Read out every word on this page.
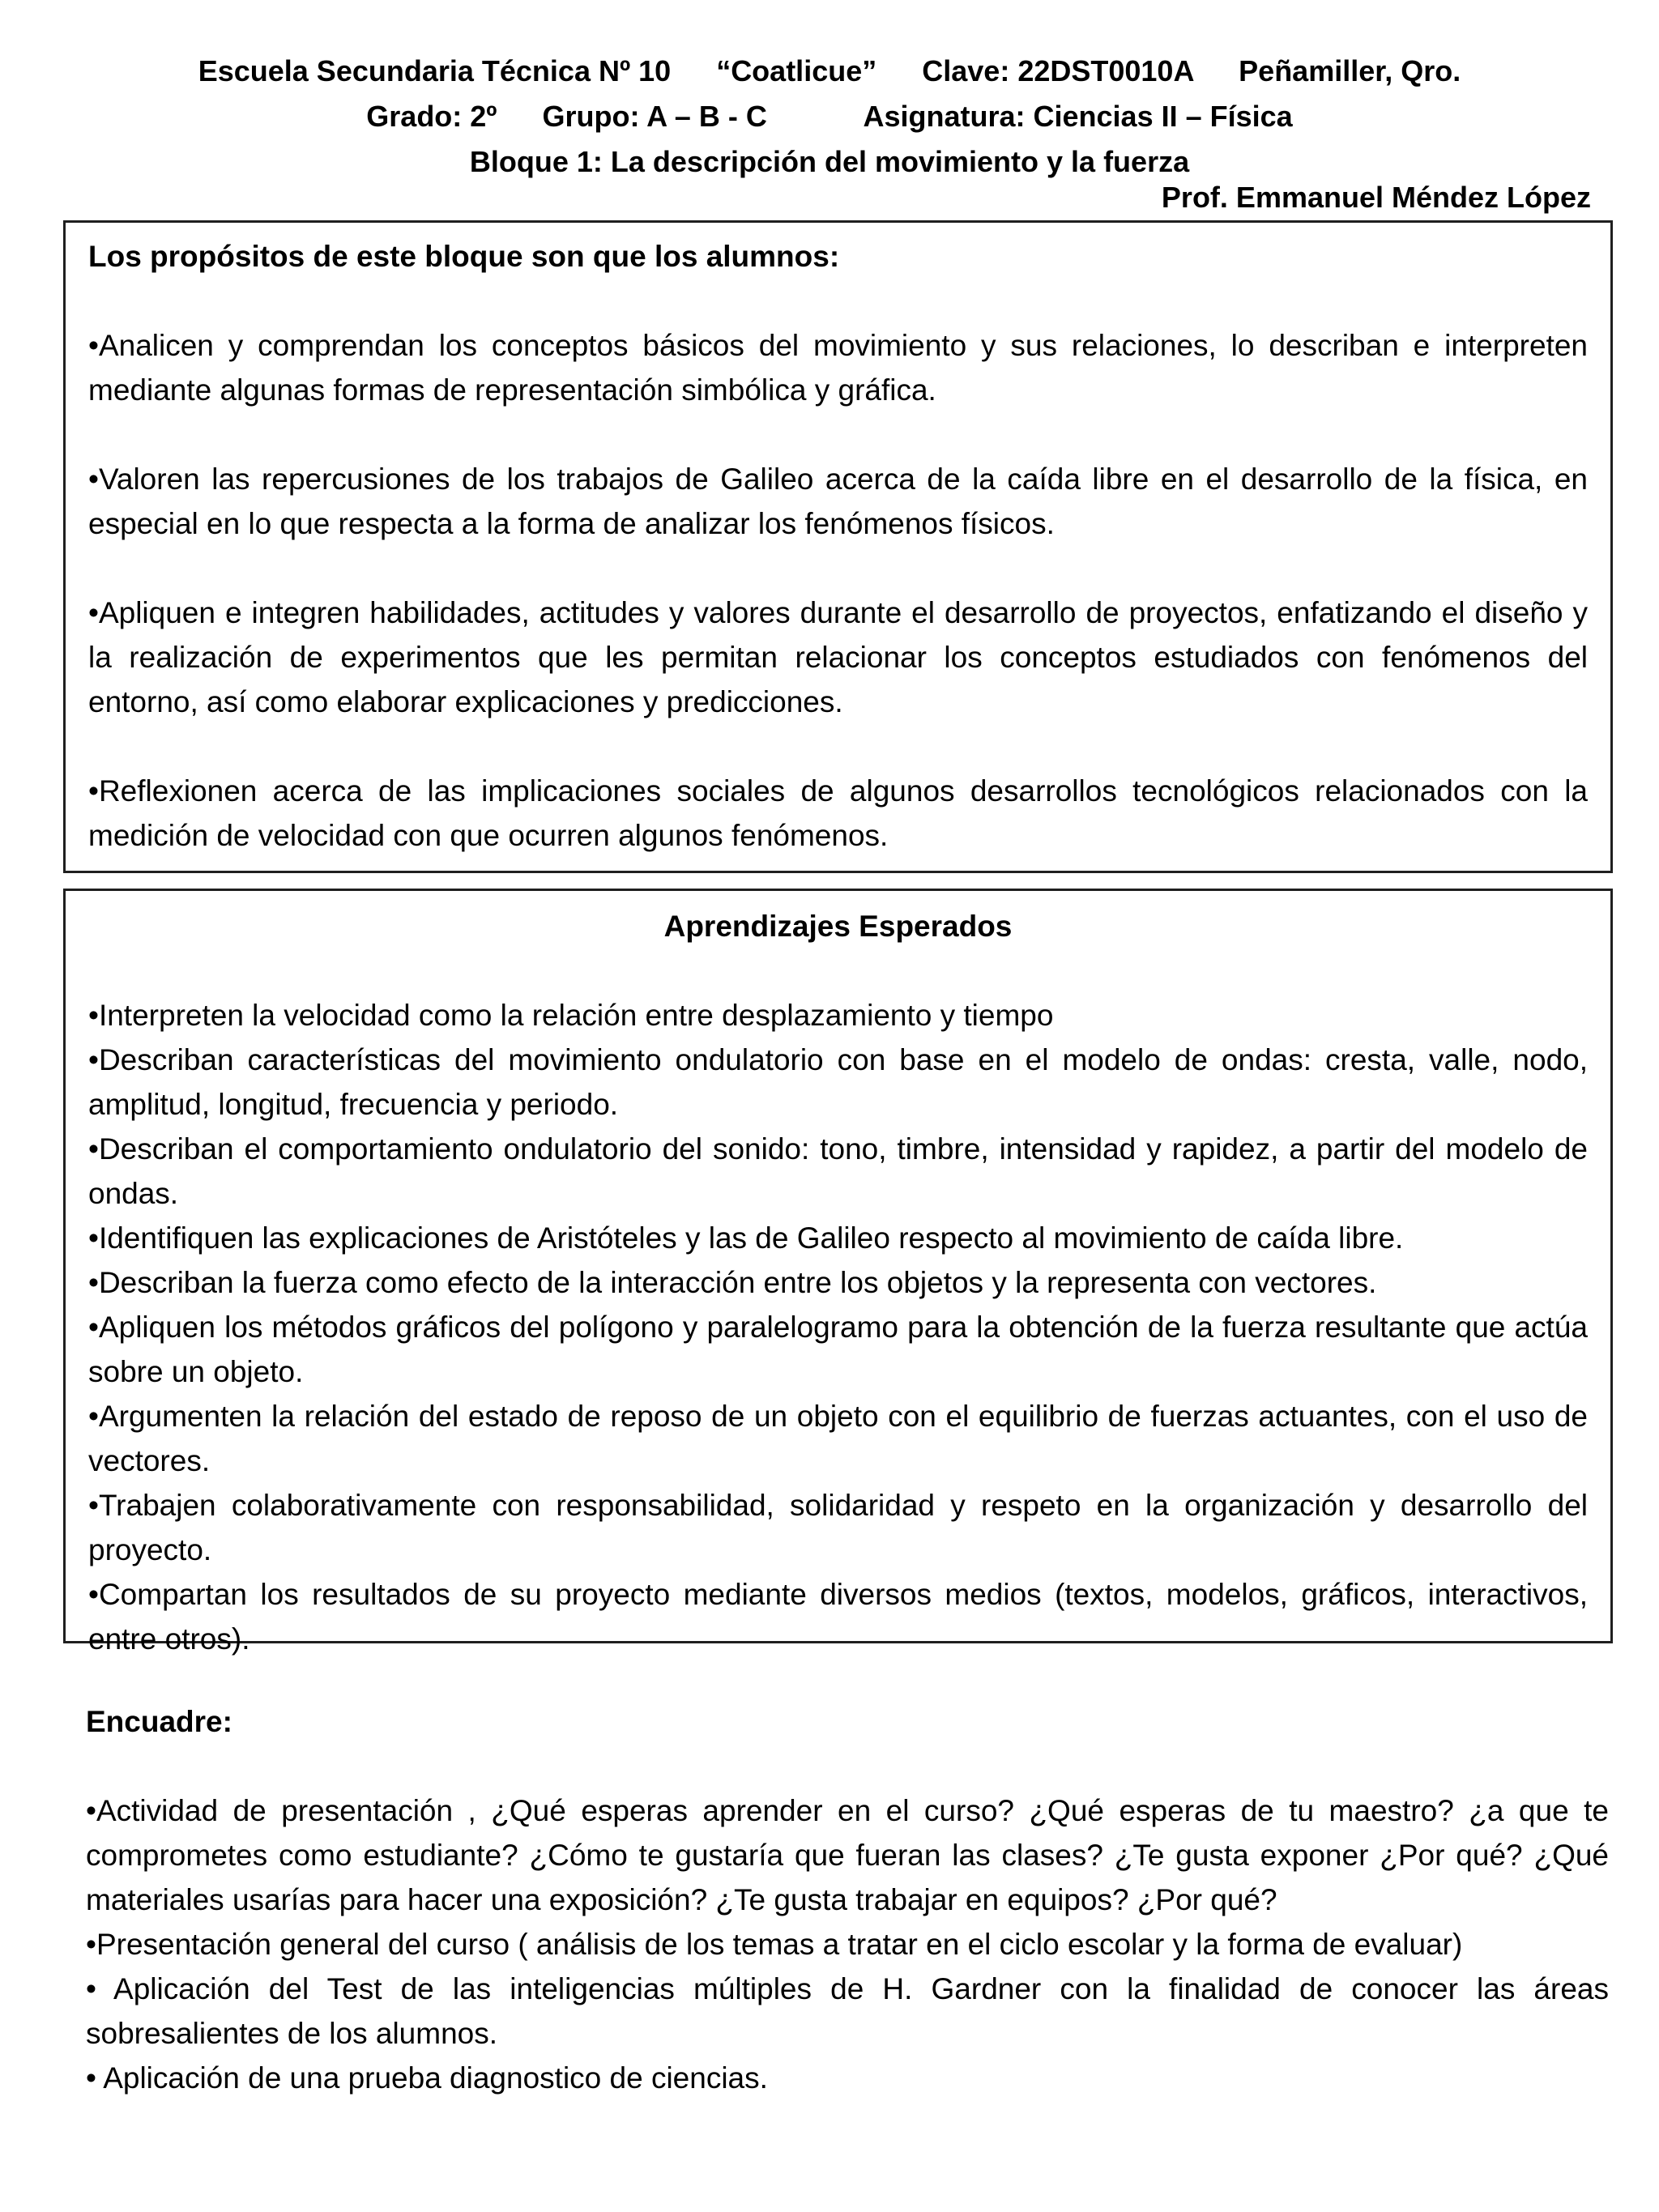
Escuela Secundaria Técnica Nº 10 “Coatlicue” Clave: 22DST0010A Peñamiller, Qro.
Grado: 2º Grupo: A – B - C	Asignatura: Ciencias II – Física
Bloque 1: La descripción del movimiento y la fuerza
Prof. Emmanuel Méndez López

Los propósitos de este bloque son que los alumnos:

•Analicen y comprendan los conceptos básicos del movimiento y sus relaciones, lo describan e interpreten mediante algunas formas de representación simbólica y gráfica.

•Valoren las repercusiones de los trabajos de Galileo acerca de la caída libre en el desarrollo de la física, en especial en lo que respecta a la forma de analizar los fenómenos físicos.

•Apliquen e integren habilidades, actitudes y valores durante el desarrollo de proyectos, enfatizando el diseño y la realización de experimentos que les permitan relacionar los conceptos estudiados con fenómenos del entorno, así como elaborar explicaciones y predicciones.

•Reflexionen acerca de las implicaciones sociales de algunos desarrollos tecnológicos relacionados con la medición de velocidad con que ocurren algunos fenómenos.

Aprendizajes Esperados

•Interpreten la velocidad como la relación entre desplazamiento y tiempo

•Describan características del movimiento ondulatorio con base en el modelo de ondas: cresta, valle, nodo, amplitud, longitud, frecuencia y periodo.

•Describan el comportamiento ondulatorio del sonido: tono, timbre, intensidad y rapidez, a partir del modelo de ondas.

•Identifiquen las explicaciones de Aristóteles y las de Galileo respecto al movimiento de caída libre.

•Describan la fuerza como efecto de la interacción entre los objetos y la representa con vectores.

•Apliquen los métodos gráficos del polígono y paralelogramo para la obtención de la fuerza resultante que actúa sobre un objeto.

•Argumenten la relación del estado de reposo de un objeto con el equilibrio de fuerzas actuantes, con el uso de vectores.

•Trabajen colaborativamente con responsabilidad, solidaridad y respeto en la organización y desarrollo del proyecto.

•Compartan los resultados de su proyecto mediante diversos medios (textos, modelos, gráficos, interactivos, entre otros).

Encuadre:

•Actividad de presentación , ¿Qué esperas aprender en el curso? ¿Qué esperas de tu maestro? ¿a que te comprometes como estudiante? ¿Cómo te gustaría que fueran las clases? ¿Te gusta exponer ¿Por qué? ¿Qué materiales usarías para hacer una exposición? ¿Te gusta trabajar en equipos? ¿Por qué?

•Presentación general del curso ( análisis de los temas a tratar en el ciclo escolar y la forma de evaluar)

• Aplicación del Test de las inteligencias múltiples de H. Gardner con la finalidad de conocer las áreas sobresalientes de los alumnos.

• Aplicación de una prueba diagnostico de ciencias.
